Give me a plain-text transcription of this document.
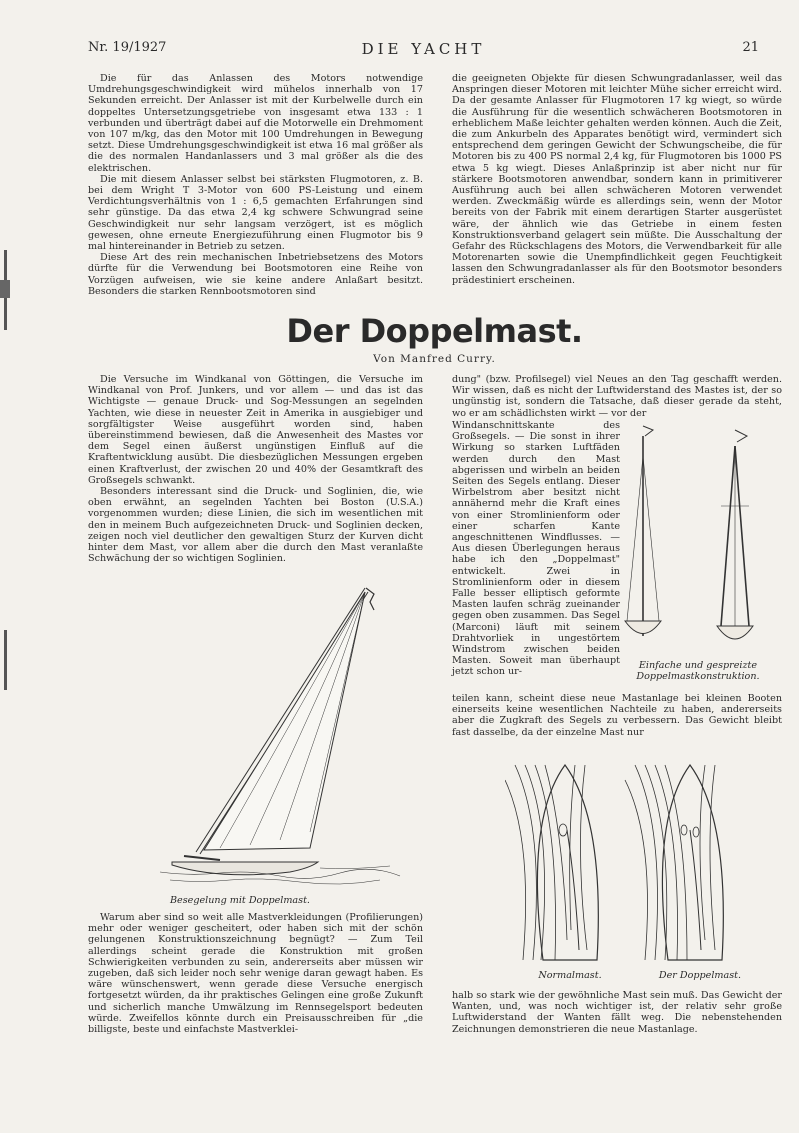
Nr. 19/1927	DIE YACHT	21

Die für das Anlassen des Motors notwendige Umdrehungsgeschwindigkeit wird mühelos innerhalb von 17 Sekunden erreicht. Der Anlasser ist mit der Kurbelwelle durch ein doppeltes Untersetzungsgetriebe von insgesamt etwa 133 : 1 verbunden und überträgt dabei auf die Motorwelle ein Drehmoment von 107 m/kg, das den Motor mit 100 Umdrehungen in Bewegung setzt. Diese Umdrehungsgeschwindigkeit ist etwa 16 mal größer als die des normalen Handanlassers und 3 mal größer als die des elektrischen.

Die mit diesem Anlasser selbst bei stärksten Flugmotoren, z. B. bei dem Wright T 3-Motor von 600 PS-Leistung und einem Verdichtungsverhältnis von 1 : 6,5 gemachten Erfahrungen sind sehr günstige. Da das etwa 2,4 kg schwere Schwungrad seine Geschwindigkeit nur sehr langsam verzögert, ist es möglich gewesen, ohne erneute Energiezuführung einen Flugmotor bis 9 mal hintereinander in Betrieb zu setzen.

Diese Art des rein mechanischen Inbetriebsetzens des Motors dürfte für die Verwendung bei Bootsmotoren eine Reihe von Vorzügen aufweisen, wie sie keine andere Anlaßart besitzt. Besonders die starken Rennbootsmotoren sind

die geeigneten Objekte für diesen Schwungradanlasser, weil das Anspringen dieser Motoren mit leichter Mühe sicher erreicht wird. Da der gesamte Anlasser für Flugmotoren 17 kg wiegt, so würde die Ausführung für die wesentlich schwächeren Bootsmotoren in erheblichem Maße leichter gehalten werden können. Auch die Zeit, die zum Ankurbeln des Apparates benötigt wird, vermindert sich entsprechend dem geringen Gewicht der Schwungscheibe, die für Motoren bis zu 400 PS normal 2,4 kg, für Flugmotoren bis 1000 PS etwa 5 kg wiegt. Dieses Anlaßprinzip ist aber nicht nur für stärkere Bootsmotoren anwendbar, sondern kann in primitiverer Ausführung auch bei allen schwächeren Motoren verwendet werden. Zweckmäßig würde es allerdings sein, wenn der Motor bereits von der Fabrik mit einem derartigen Starter ausgerüstet wäre, der ähnlich wie das Getriebe in einem festen Konstruktionsverband gelagert sein müßte. Die Ausschaltung der Gefahr des Rückschlagens des Motors, die Verwendbarkeit für alle Motorenarten sowie die Unempfindlichkeit gegen Feuchtigkeit lassen den Schwungradanlasser als für den Bootsmotor besonders prädestiniert erscheinen.

Der Doppelmast.
Von Manfred Curry.

Die Versuche im Windkanal von Göttingen, die Versuche im Windkanal von Prof. Junkers, und vor allem — und das ist das Wichtigste — genaue Druck- und Sog-Messungen an segelnden Yachten, wie diese in neuester Zeit in Amerika in ausgiebiger und sorgfältigster Weise ausgeführt worden sind, haben übereinstimmend bewiesen, daß die Anwesenheit des Mastes vor dem Segel einen äußerst ungünstigen Einfluß auf die Kraftentwicklung ausübt. Die diesbezüglichen Messungen ergeben einen Kraftverlust, der zwischen 20 und 40% der Gesamtkraft des Großsegels schwankt.

Besonders interessant sind die Druck- und Soglinien, die, wie oben erwähnt, an segelnden Yachten bei Boston (U.S.A.) vorgenommen wurden; diese Linien, die sich im wesentlichen mit den in meinem Buch aufgezeichneten Druck- und Soglinien decken, zeigen noch viel deutlicher den gewaltigen Sturz der Kurven dicht hinter dem Mast, vor allem aber die durch den Mast veranlaßte Schwächung der so wichtigen Soglinien.

dung" (bzw. Profilsegel) viel Neues an den Tag geschafft werden. Wir wissen, daß es nicht der Luftwiderstand des Mastes ist, der so ungünstig ist, sondern die Tatsache, daß dieser gerade da steht, wo er am schädlichsten wirkt — vor der

Windanschnittskante des Großsegels. — Die sonst in ihrer Wirkung so starken Luftfäden werden durch den Mast abgerissen und wirbeln an beiden Seiten des Segels entlang. Dieser Wirbelstrom aber besitzt nicht annähernd mehr die Kraft eines von einer Stromlinienform oder einer scharfen Kante angeschnittenen Windflusses. — Aus diesen Überlegungen heraus habe ich den „Doppelmast" entwickelt. Zwei in Stromlinienform oder in diesem Falle besser elliptisch geformte Masten laufen schräg zueinander gegen oben zusammen. Das Segel (Marconi) läuft mit seinem Drahtvorliek in ungestörtem Windstrom zwischen beiden Masten. Soweit man überhaupt jetzt schon ur-

teilen kann, scheint diese neue Mastanlage bei kleinen Booten einerseits keine wesentlichen Nachteile zu haben, andererseits aber die Zugkraft des Segels zu verbessern. Das Gewicht bleibt fast dasselbe, da der einzelne Mast nur

Warum aber sind so weit alle Mastverkleidungen (Profilierungen) mehr oder weniger gescheitert, oder haben sich mit der schön gelungenen Konstruktionszeichnung begnügt? — Zum Teil allerdings scheint gerade die Konstruktion mit großen Schwierigkeiten verbunden zu sein, andererseits aber müssen wir zugeben, daß sich leider noch sehr wenige daran gewagt haben. Es wäre wünschenswert, wenn gerade diese Versuche energisch fortgesetzt würden, da ihr praktisches Gelingen eine große Zukunft und sicherlich manche Umwälzung im Rennsegelsport bedeuten würde. Zweifellos könnte durch ein Preisausschreiben für „die billigste, beste und einfachste Mastverklei-

halb so stark wie der gewöhnliche Mast sein muß. Das Gewicht der Wanten, und, was noch wichtiger ist, der relativ sehr große Luftwiderstand der Wanten fällt weg. Die nebenstehenden Zeichnungen demonstrieren die neue Mastanlage.

Besegelung mit Doppelmast.
Einfache und gespreizte Doppelmastkonstruktion.
Normalmast.	Der Doppelmast.
